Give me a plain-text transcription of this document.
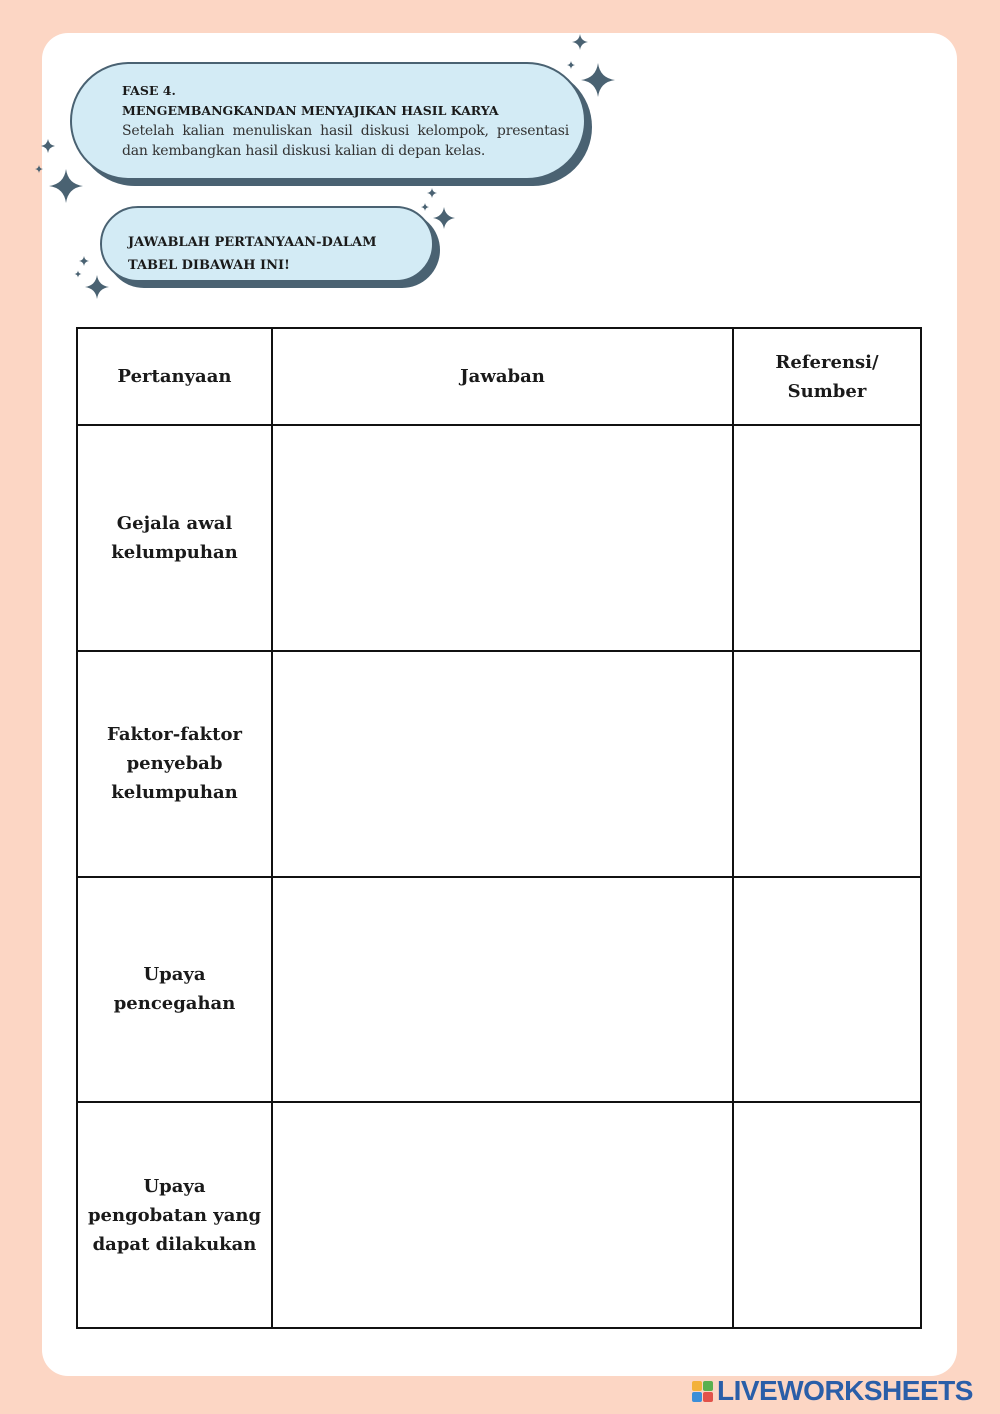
FASE 4.
MENGEMBANGKANDAN MENYAJIKAN HASIL KARYA
Setelah kalian menuliskan hasil diskusi kelompok, presentasi dan kembangkan hasil diskusi kalian di depan kelas.
JAWABLAH PERTANYAAN-DALAM
TABEL DIBAWAH INI!
Pertanyaan	Jawaban	Referensi/ Sumber
Gejala awal kelumpuhan		
Faktor-faktor penyebab kelumpuhan		
Upaya pencegahan		
Upaya pengobatan yang dapat dilakukan		
LIVEWORKSHEETS
